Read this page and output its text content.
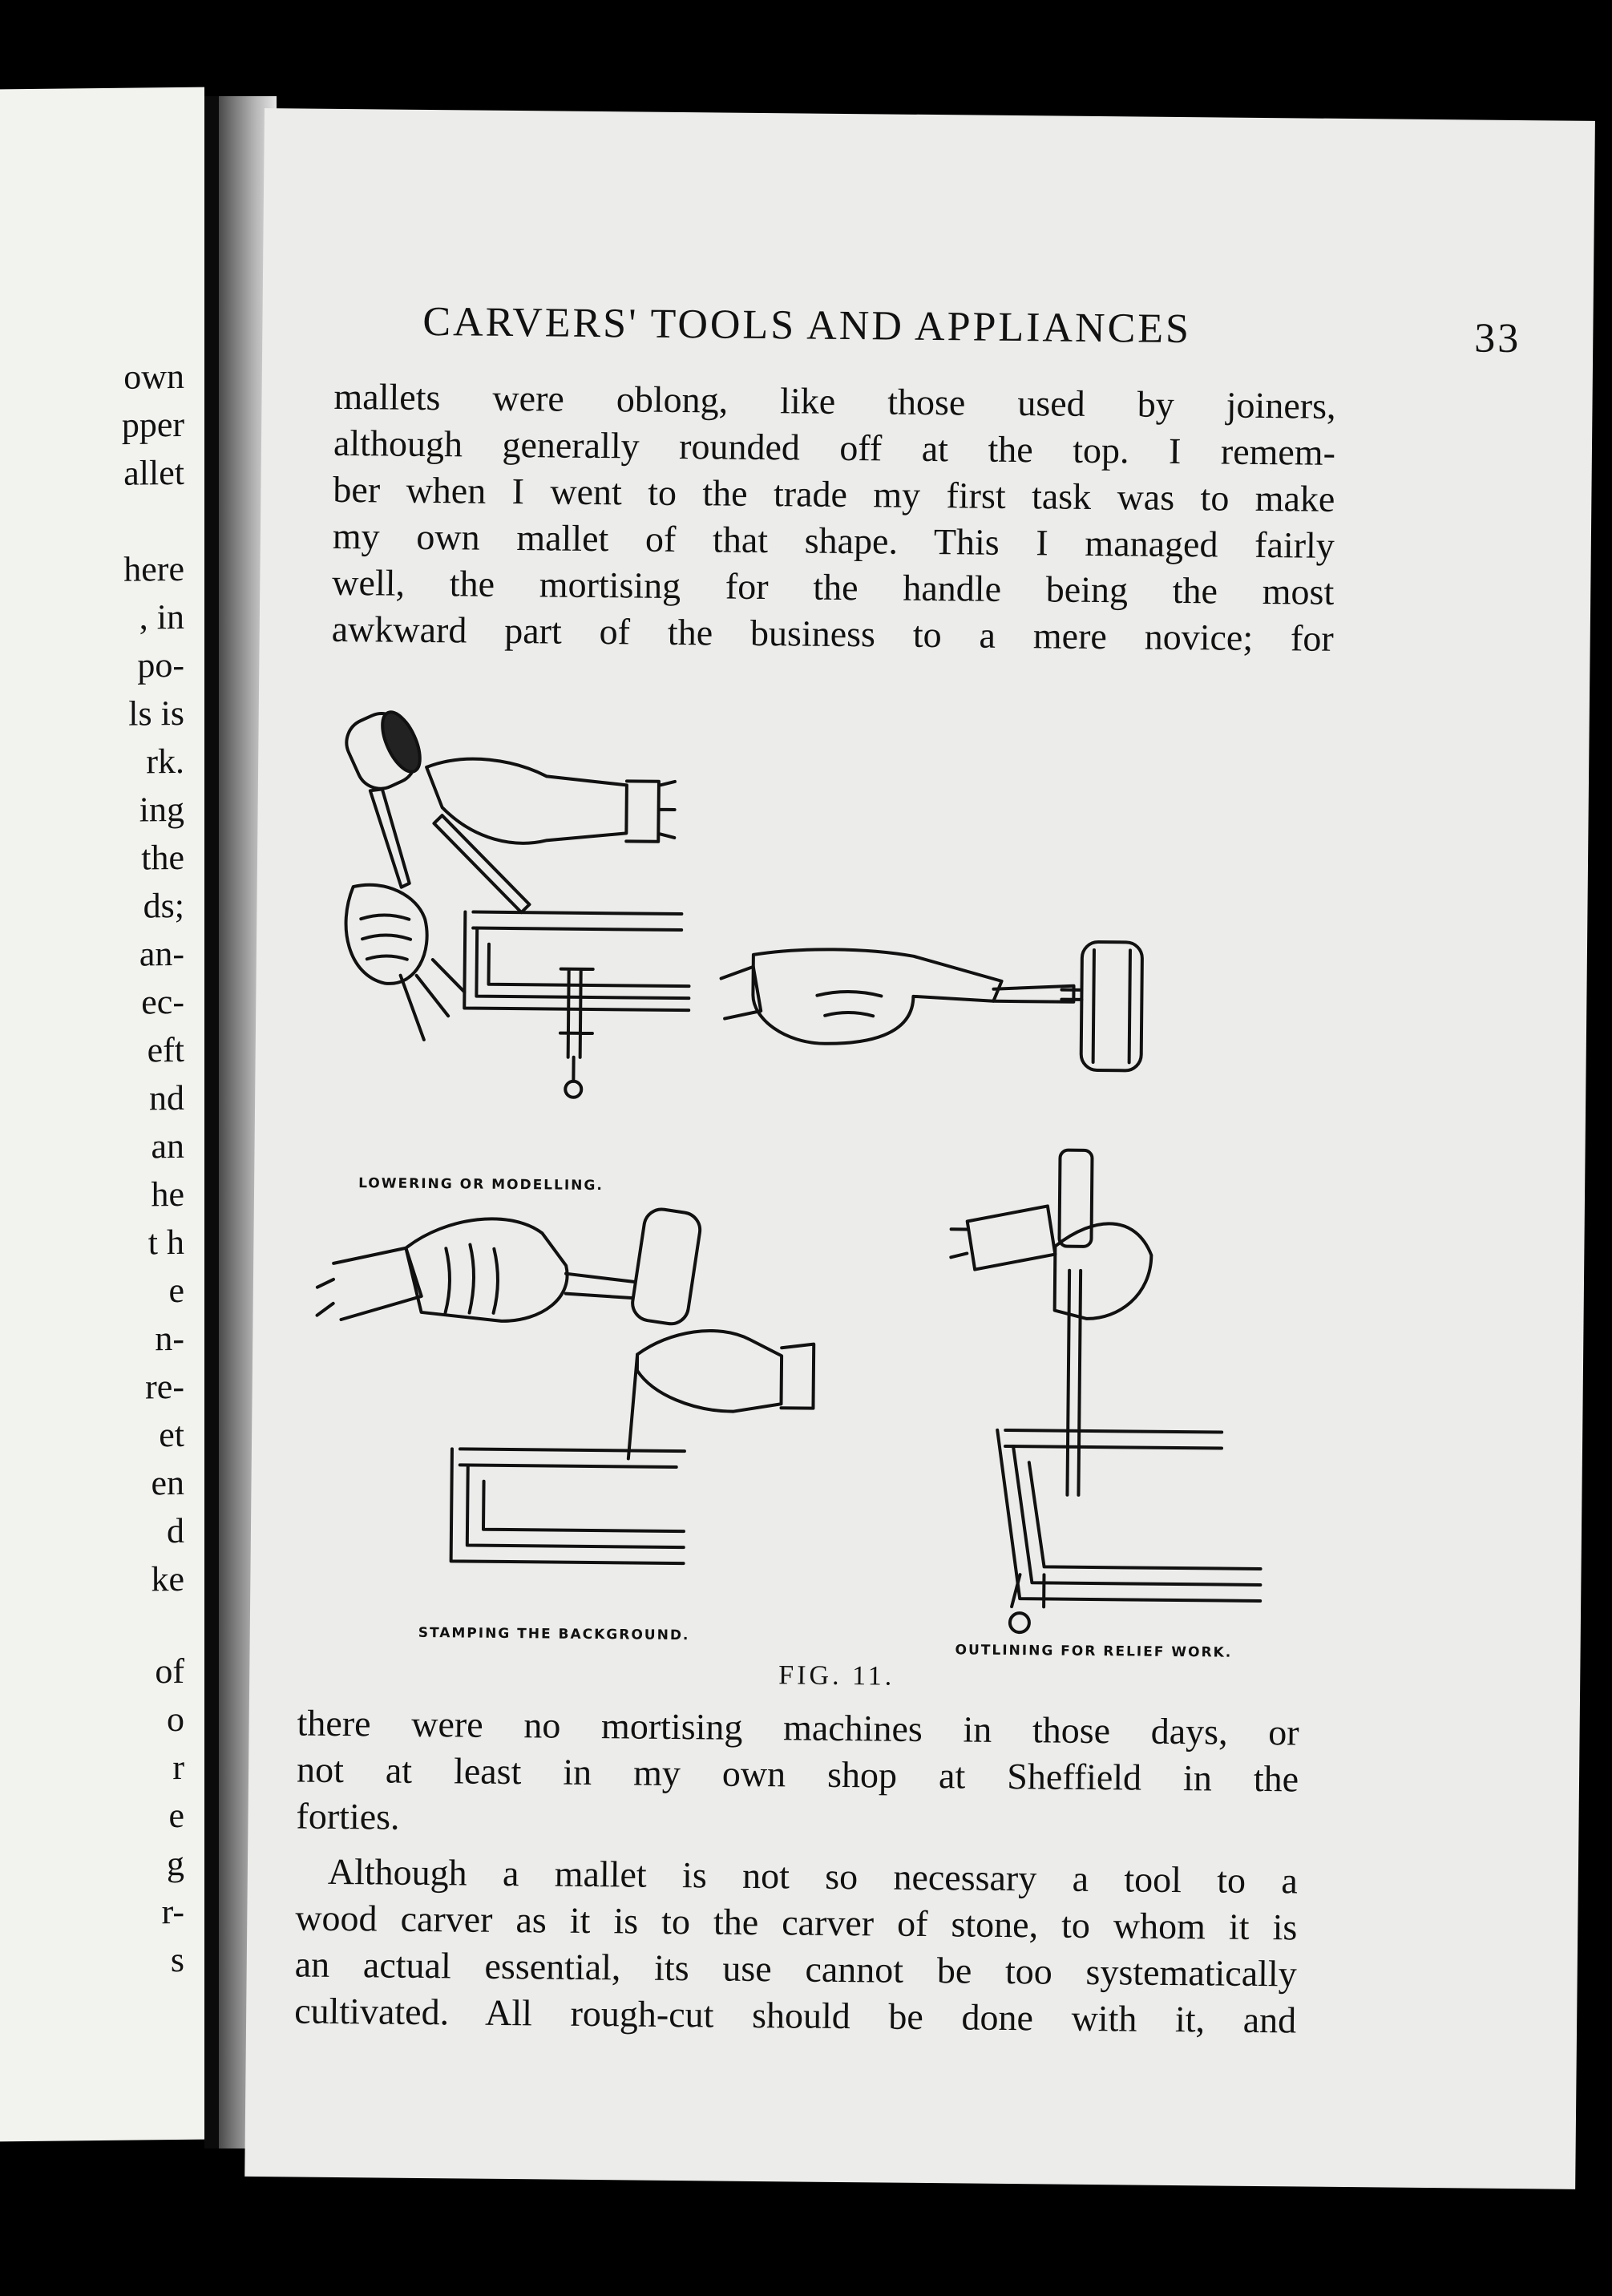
own
pper
allet
here
, in
po-
ls is
rk.
ing
the
ds;
an-
ec-
eft
nd
an
he
t h
e
n-
re-
et
en
d
ke
of
o
r
e
g
r-
s
CARVERS' TOOLS AND APPLIANCES	33

mallets were oblong, like those used by joiners,
although generally rounded off at the top. I remem-
ber when I went to the trade my first task was to make
my own mallet of that shape. This I managed fairly
well, the mortising for the handle being the most
awkward part of the business to a mere novice; for

LOWERING OR MODELLING.
STAMPING THE BACKGROUND.
OUTLINING FOR RELIEF WORK.
FIG. 11.

there were no mortising machines in those days, or
not at least in my own shop at Sheffield in the
forties.

Although a mallet is not so necessary a tool to a
wood carver as it is to the carver of stone, to whom it is
an actual essential, its use cannot be too systematically
cultivated. All rough-cut should be done with it, and
